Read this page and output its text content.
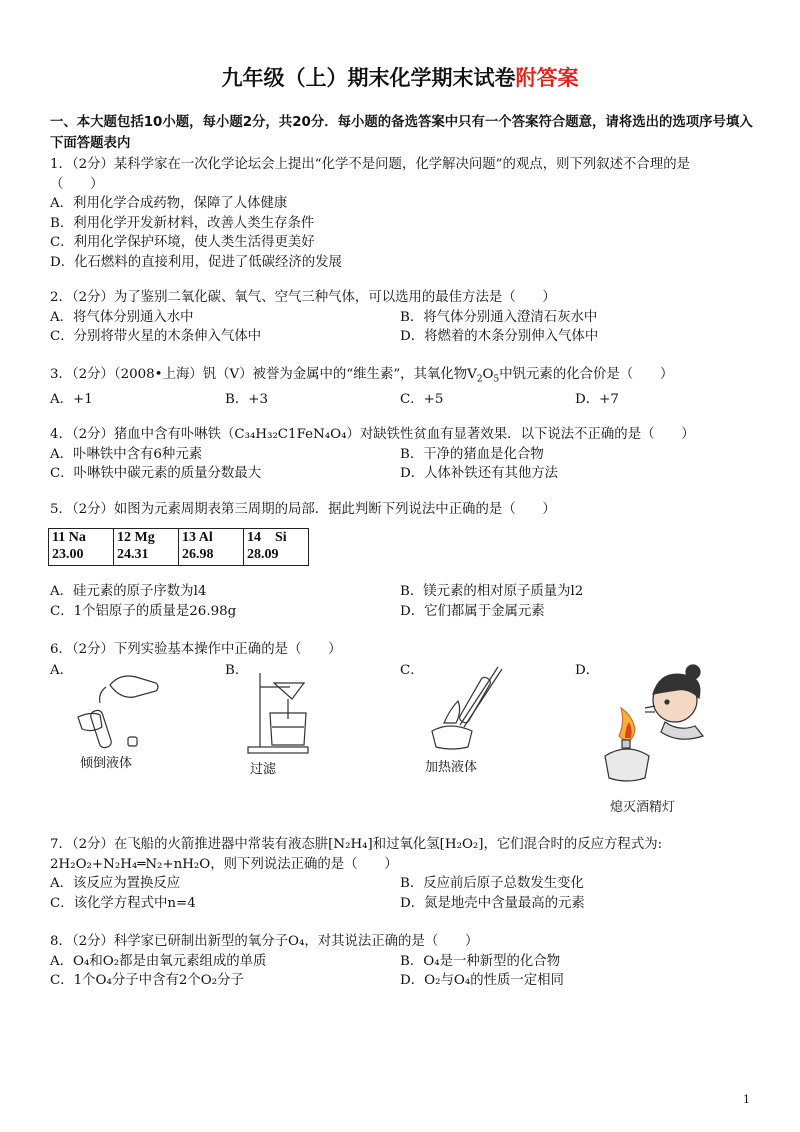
九年级（上）期末化学期末试卷附答案
一、本大题包括10小题，每小题2分，共20分．每小题的备选答案中只有一个答案符合题意，请将选出的选项序号填入下面答题表内
1．（2分）某科学家在一次化学论坛会上提出“化学不是问题，化学解决问题”的观点，则下列叙述不合理的是
（　　）
A．利用化学合成药物，保障了人体健康
B．利用化学开发新材料，改善人类生存条件
C．利用化学保护环境，使人类生活得更美好
D．化石燃料的直接利用，促进了低碳经济的发展
2．（2分）为了鉴别二氧化碳、氧气、空气三种气体，可以选用的最佳方法是（　　）
A．将气体分别通入水中	B．将气体分别通入澄清石灰水中
C．分别将带火星的木条伸入气体中	D．将燃着的木条分别伸入气体中
3．（2分）（2008•上海）钒（V）被誉为金属中的“维生素”，其氧化物$V_2O_5$中钒元素的化合价是（　　）
A．+1	B．+3	C．+5	D．+7
4．（2分）猪血中含有卟啉铁（C₃₄H₃₂C1FeN₄O₄）对缺铁性贫血有显著效果．以下说法不正确的是（　　）
A．卟啉铁中含有6种元素	B．干净的猪血是化合物
C．卟啉铁中碳元素的质量分数最大	D．人体补铁还有其他方法
5．（2分）如图为元素周期表第三周期的局部．据此判断下列说法中正确的是（　　）
11 Na
23.00

12 Mg
24.31

13 Al
26.98

14　Si
28.09
A．硅元素的原子序数为l4	B．镁元素的相对原子质量为l2
C．1个铝原子的质量是26.98g	D．它们都属于金属元素
6．（2分）下列实验基本操作中正确的是（　　）
A．	B．	C．	D．
倾倒液体	过滤	加热液体
熄灭酒精灯
7．（2分）在飞船的火箭推进器中常装有液态肼[N₂H₄]和过氧化氢[H₂O₂]，它们混合时的反应方程式为:
2H₂O₂+N₂H₄═N₂+nH₂O，则下列说法正确的是（　　）
A．该反应为置换反应	B．反应前后原子总数发生变化
C．该化学方程式中n=4	D．氮是地壳中含量最高的元素
8．（2分）科学家已研制出新型的氧分子O₄，对其说法正确的是（　　）
A．O₄和O₂都是由氧元素组成的单质	B．O₄是一种新型的化合物
C．1个O₄分子中含有2个O₂分子	D．O₂与O₄的性质一定相同
1
